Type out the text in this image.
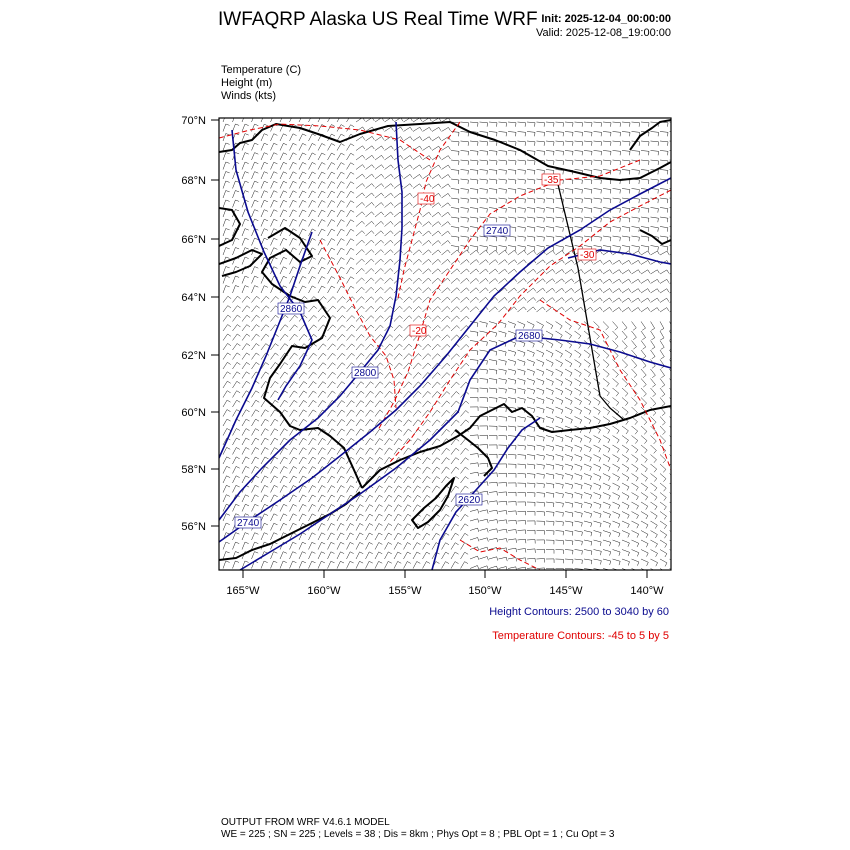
IWFAQRP Alaska US Real Time WRF Init: 2025-12-04_00:00:00
Valid: 2025-12-08_19:00:00
Temperature (C)
Height (m)
Winds (kts)
-40
-35
-30
-20
2740
2860
2680
2620
2740
2800
70°N
68°N
66°N
64°N
62°N
60°N
58°N
56°N
165°W	160°W	155°W	150°W	145°W	140°W
Height Contours: 2500 to 3040 by 60
Temperature Contours: -45 to 5 by 5
OUTPUT FROM WRF V4.6.1 MODEL
WE = 225 ; SN = 225 ; Levels = 38 ; Dis = 8km ; Phys Opt = 8 ; PBL Opt = 1 ; Cu Opt = 3
